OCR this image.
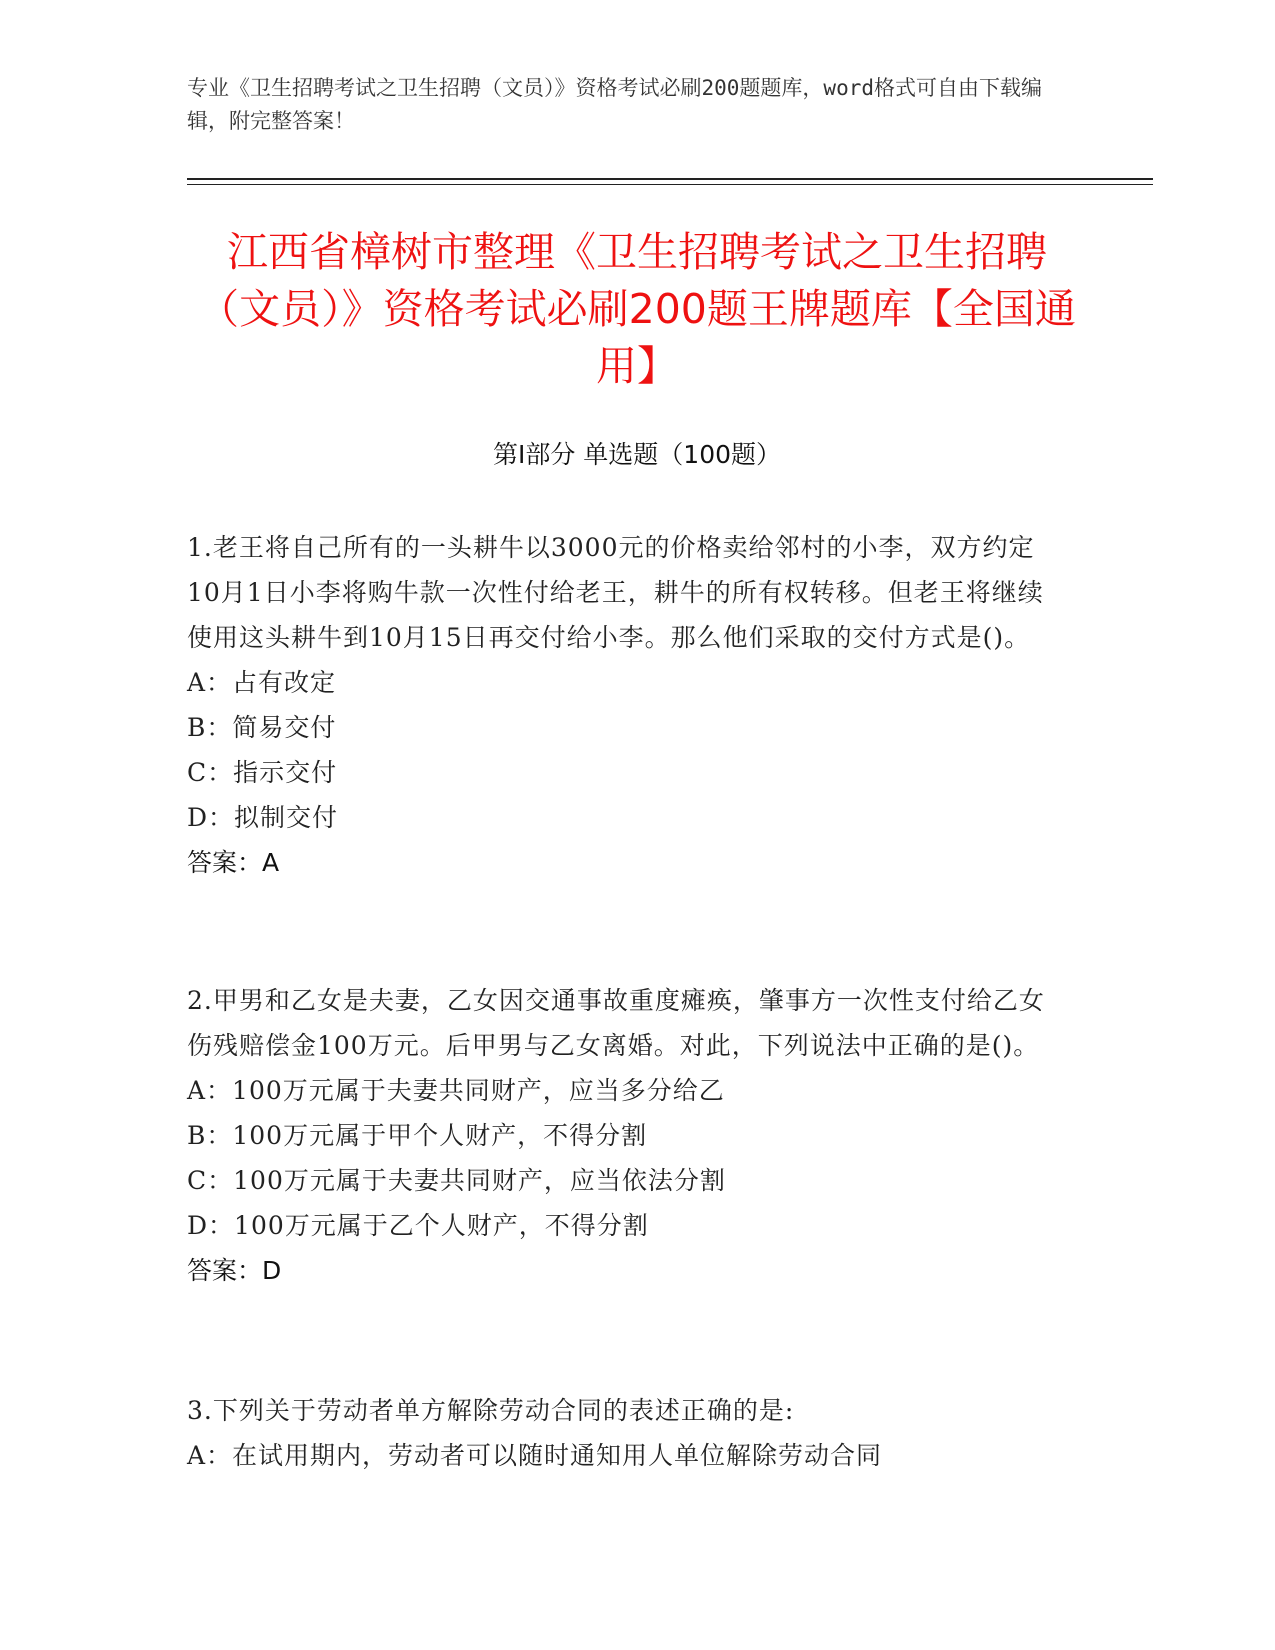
专业《卫生招聘考试之卫生招聘（文员）》资格考试必刷200题题库，word格式可自由下载编辑，附完整答案！
江西省樟树市整理《卫生招聘考试之卫生招聘（文员）》资格考试必刷200题王牌题库【全国通用】
第Ⅰ部分 单选题（100题）
1.老王将自己所有的一头耕牛以3000元的价格卖给邻村的小李，双方约定10月1日小李将购牛款一次性付给老王，耕牛的所有权转移。但老王将继续使用这头耕牛到10月15日再交付给小李。那么他们采取的交付方式是()。
A：占有改定
B：简易交付
C：指示交付
D：拟制交付
答案：A
2.甲男和乙女是夫妻，乙女因交通事故重度瘫痪，肇事方一次性支付给乙女伤残赔偿金100万元。后甲男与乙女离婚。对此，下列说法中正确的是()。
A：100万元属于夫妻共同财产，应当多分给乙
B：100万元属于甲个人财产，不得分割
C：100万元属于夫妻共同财产，应当依法分割
D：100万元属于乙个人财产，不得分割
答案：D
3.下列关于劳动者单方解除劳动合同的表述正确的是:
A：在试用期内，劳动者可以随时通知用人单位解除劳动合同
